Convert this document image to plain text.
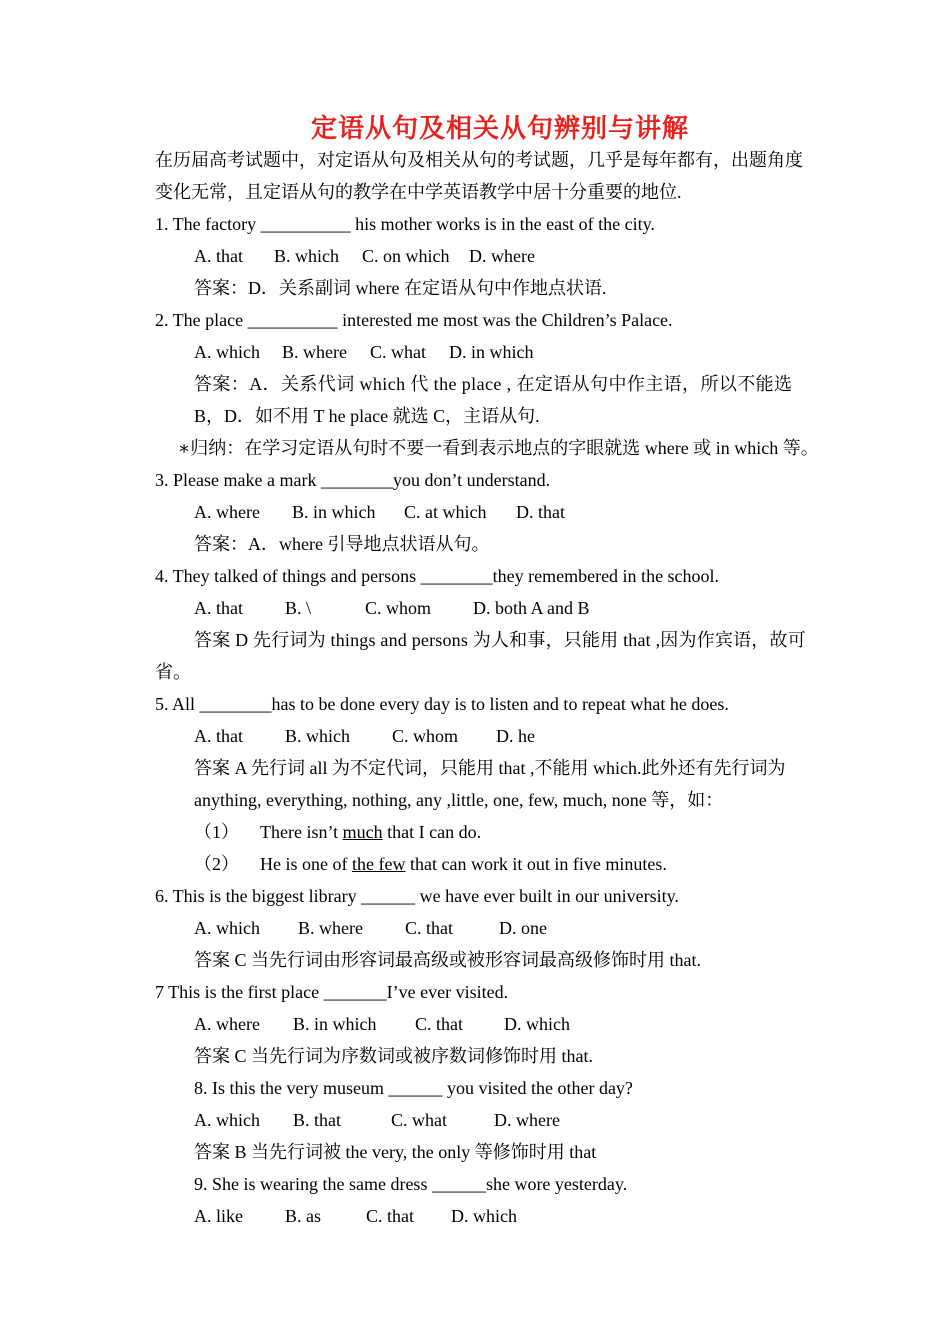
定语从句及相关从句辨别与讲解
在历届高考试题中，对定语从句及相关从句的考试题，几乎是每年都有，出题角度
变化无常，且定语从句的教学在中学英语教学中居十分重要的地位.
1. The factory __________ his mother works is in the east of the city.
A. that B. which C. on which D. where
答案：D．关系副词 where 在定语从句中作地点状语.
2. The place __________ interested me most was the Children’s Palace.
A. which B. where C. what D. in which
答案：A．关系代词 which 代 the place , 在定语从句中作主语，所以不能选
B，D．如不用 T he place 就选 C，主语从句.
∗归纳：在学习定语从句时不要一看到表示地点的字眼就选 where 或 in which 等。
3. Please make a mark ________you don’t understand.
A. where B. in which C. at which D. that
答案：A．where 引导地点状语从句。
4. They talked of things and persons ________they remembered in the school.
A. that B. \	C. whom D. both A and B
答案 D 先行词为 things and persons 为人和事，只能用 that ,因为作宾语，故可
省。
5. All ________has to be done every day is to listen and to repeat what he does.
A. that B. which C. whom D. he
答案 A 先行词 all 为不定代词，只能用 that ,不能用 which.此外还有先行词为
anything, everything, nothing, any ,little, one, few, much, none 等，如：
（1） There isn’t much that I can do.
（2） He is one of the few that can work it out in five minutes.
6. This is the biggest library ______ we have ever built in our university.
A. which B. where C. that	D. one
答案 C 当先行词由形容词最高级或被形容词最高级修饰时用 that.
7 This is the first place _______I’ve ever visited.
A. where B. in which C. that D. which
答案 C 当先行词为序数词或被序数词修饰时用 that.
8. Is this the very museum ______ you visited the other day?
A. which B. that	C. what	D. where
答案 B 当先行词被 the very, the only 等修饰时用 that
9. She is wearing the same dress ______she wore yesterday.
A. like B. as	C. that D. which
